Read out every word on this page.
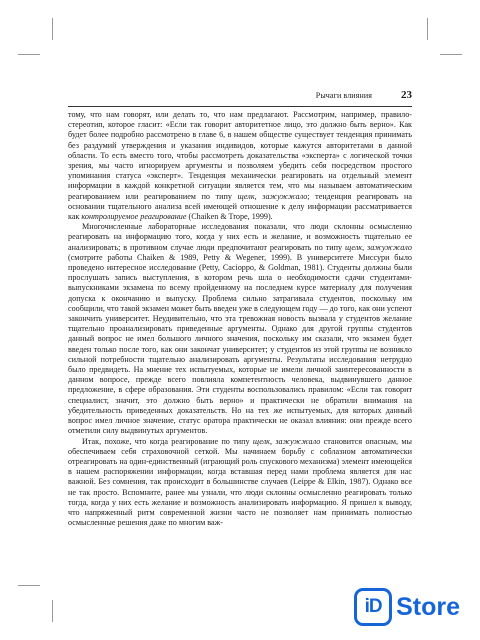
Рычаги влияния	23

тому, что нам говорят, или делать то, что нам предлагают. Рассмотрим, например, правило-стереотип, которое гласит: «Если так говорит авторитетное лицо, это должно быть верно». Как будет более подробно рассмотрено в главе 6, в нашем обществе существует тенденция принимать без раздумий утверждения и указания индивидов, которые кажутся авторитетами в данной области. То есть вместо того, чтобы рассмотреть доказательства «эксперта» с логической точки зрения, мы часто игнорируем аргументы и позволяем убедить себя посредством простого упоминания статуса «эксперт». Тенденция механически реагировать на отдельный элемент информации в каждой конкретной ситуации является тем, что мы называем автоматическим реагированием или реагированием по типу щелк, зажужжало; тенденция реагировать на основании тщательного анализа всей имеющей отношение к делу информации рассматривается как контролируемое реагирование (Chaiken & Trope, 1999).

Многочисленные лабораторные исследования показали, что люди склонны осмысленно реагировать на информацию того, когда у них есть и желание, и возможность тщательно ее анализировать; в противном случае люди предпочитают реагировать по типу щелк, зажужжало (смотрите работы Chaiken & 1989, Petty & Wegener, 1999). В университете Миссури было проведено интересное исследование (Petty, Cacioppo, & Goldman, 1981). Студенты должны были прослушать запись выступления, в котором речь шла о необходимости сдачи студентами-выпускниками экзамена по всему пройденному на последнем курсе материалу для получения допуска к окончанию и выпуску. Проблема сильно затрагивала студентов, поскольку им сообщили, что такой экзамен может быть введен уже в следующем году — до того, как они успеют закончить университет. Неудивительно, что эта тревожная новость вызвала у студентов желание тщательно проанализировать приведенные аргументы. Однако для другой группы студентов данный вопрос не имел большого личного значения, поскольку им сказали, что экзамен будет введен только после того, как они закончат университет; у студентов из этой группы не возникло сильной потребности тщательно анализировать аргументы. Результаты исследования нетрудно было предвидеть. На мнение тех испытуемых, которые не имели личной заинтересованности в данном вопросе, прежде всего повлияла компетентность человека, выдвинувшего данное предложение, в сфере образования. Эти студенты воспользовались правилом: «Если так говорит специалист, значит, это должно быть верно» и практически не обратили внимания на убедительность приведенных доказательств. Но на тех же испытуемых, для которых данный вопрос имел личное значение, статус оратора практически не оказал влияния: они прежде всего отметили силу выдвинутых аргументов.

Итак, похоже, что когда реагирование по типу щелк, зажужжало становится опасным, мы обеспечиваем себя страховочной сеткой. Мы начинаем борьбу с соблазном автоматически отреагировать на один-единственный (играющий роль спускового механизма) элемент имеющейся в нашем распоряжении информации, когда вставшая перед нами проблема является для нас важной. Без сомнения, так происходит в большинстве случаев (Leippe & Elkin, 1987). Однако все не так просто. Вспомните, ранее мы узнали, что люди склонны осмысленно реагировать только тогда, когда у них есть желание и возможность анализировать информацию. Я пришел к выводу, что напряженный ритм современной жизни часто не позволяет нам принимать полностью осмысленные решения даже по многим важ-

iD Store
